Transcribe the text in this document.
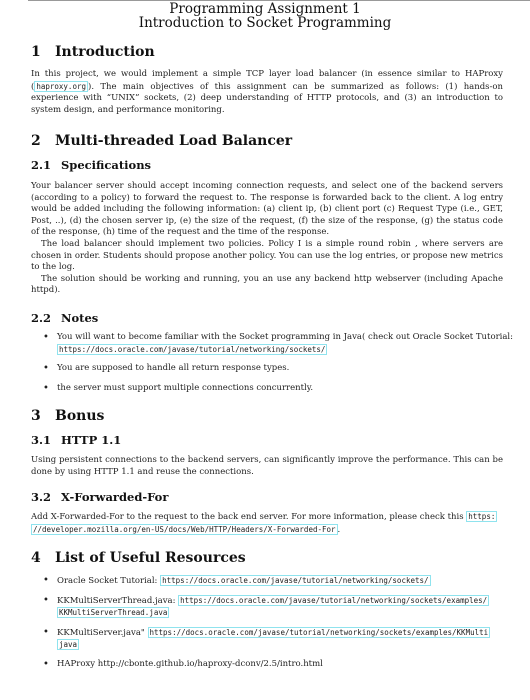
Programming Assignment 1
Introduction to Socket Programming
1 Introduction
In this project, we would implement a simple TCP layer load balancer (in essence similar to HAProxy ( haproxy.org ). The main objectives of this assignment can be summarized as follows: (1) hands-on experience with “UNIX” sockets, (2) deep understanding of HTTP protocols, and (3) an introduction to system design, and performance monitoring.
2 Multi-threaded Load Balancer
2.1 Specifications
Your balancer server should accept incoming connection requests, and select one of the backend servers (according to a policy) to forward the request to. The response is forwarded back to the client. A log entry would be added including the following information: (a) client ip, (b) client port (c) Request Type (i.e., GET, Post, ..), (d) the chosen server ip, (e) the size of the request, (f) the size of the response, (g) the status code of the response, (h) time of the request and the time of the response.
The load balancer should implement two policies. Policy I is a simple round robin , where servers are chosen in order. Students should propose another policy. You can use the log entries, or propose new metrics to the log.
The solution should be working and running, you an use any backend http webserver (including Apache httpd).
2.2 Notes
• You will want to become familiar with the Socket programming in Java( check out Oracle Socket Tutorial:
https://docs.oracle.com/javase/tutorial/networking/sockets/
• You are supposed to handle all return response types.
• the server must support multiple connections concurrently.
3 Bonus
3.1 HTTP 1.1
Using persistent connections to the backend servers, can significantly improve the performance. This can be done by using HTTP 1.1 and reuse the connections.
3.2 X-Forwarded-For
Add X-Forwarded-For to the request to the back end server. For more information, please check this https:
//developer.mozilla.org/en-US/docs/Web/HTTP/Headers/X-Forwarded-For .
4 List of Useful Resources
• Oracle Socket Tutorial: https://docs.oracle.com/javase/tutorial/networking/sockets/
• KKMultiServerThread.java: https://docs.oracle.com/javase/tutorial/networking/sockets/examples/
KKMultiServerThread.java
• KKMultiServer.java" https://docs.oracle.com/javase/tutorial/networking/sockets/examples/KKMulti
java
• HAProxy http://cbonte.github.io/haproxy-dconv/2.5/intro.html
